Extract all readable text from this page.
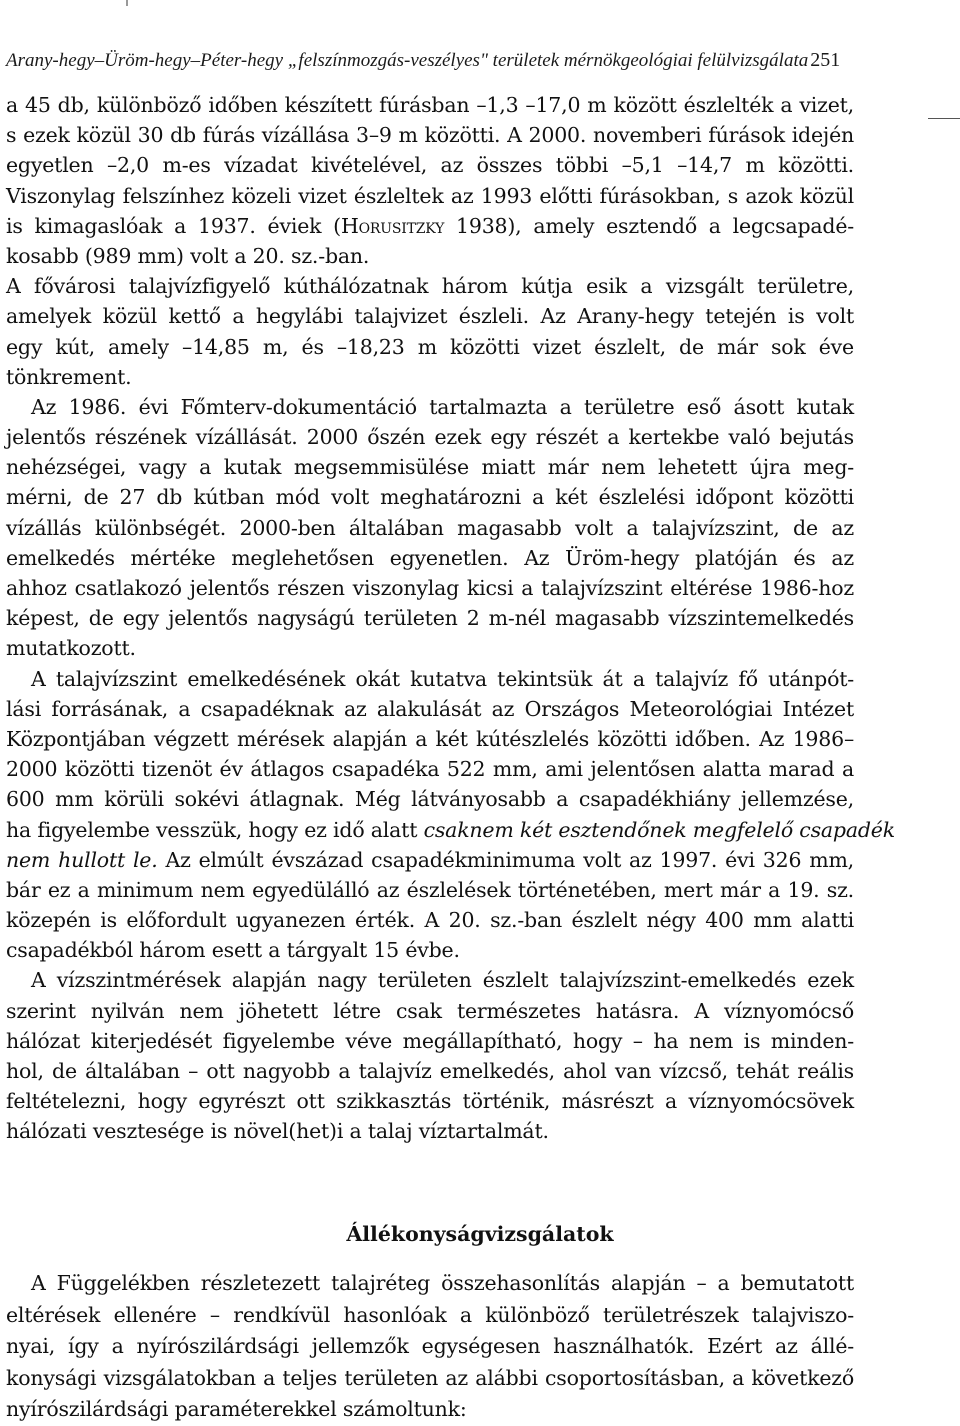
Arany-hegy–Üröm-hegy–Péter-hegy „felszínmozgás-veszélyes" területek mérnökgeológiai felülvizsgálata 251
a 45 db, különböző időben készített fúrásban –1,3 –17,0 m között észlelték a vizet,
s ezek közül 30 db fúrás vízállása 3–9 m közötti. A 2000. novemberi fúrások idején
egyetlen –2,0 m-es vízadat kivételével, az összes többi –5,1 –14,7 m közötti.
Viszonylag felszínhez közeli vizet észleltek az 1993 előtti fúrásokban, s azok közül
is kimagaslóak a 1937. éviek (Horusitzky 1938), amely esztendő a legcsapadé-
kosabb (989 mm) volt a 20. sz.-ban.
A fővárosi talajvízfigyelő kúthálózatnak három kútja esik a vizsgált területre,
amelyek közül kettő a hegylábi talajvizet észleli. Az Arany-hegy tetején is volt
egy kút, amely –14,85 m, és –18,23 m közötti vizet észlelt, de már sok éve
tönkrement.
Az 1986. évi Főmterv-dokumentáció tartalmazta a területre eső ásott kutak
jelentős részének vízállását. 2000 őszén ezek egy részét a kertekbe való bejutás
nehézségei, vagy a kutak megsemmisülése miatt már nem lehetett újra meg-
mérni, de 27 db kútban mód volt meghatározni a két észlelési időpont közötti
vízállás különbségét. 2000-ben általában magasabb volt a talajvízszint, de az
emelkedés mértéke meglehetősen egyenetlen. Az Üröm-hegy platóján és az
ahhoz csatlakozó jelentős részen viszonylag kicsi a talajvízszint eltérése 1986-hoz
képest, de egy jelentős nagyságú területen 2 m-nél magasabb vízszintemelkedés
mutatkozott.
A talajvízszint emelkedésének okát kutatva tekintsük át a talajvíz fő utánpót-
lási forrásának, a csapadéknak az alakulását az Országos Meteorológiai Intézet
Központjában végzett mérések alapján a két kútészlelés közötti időben. Az 1986–
2000 közötti tizenöt év átlagos csapadéka 522 mm, ami jelentősen alatta marad a
600 mm körüli sokévi átlagnak. Még látványosabb a csapadékhiány jellemzése,
ha figyelembe vesszük, hogy ez idő alatt csaknem két esztendőnek megfelelő csapadék
nem hullott le. Az elmúlt évszázad csapadékminimuma volt az 1997. évi 326 mm,
bár ez a minimum nem egyedülálló az észlelések történetében, mert már a 19. sz.
közepén is előfordult ugyanezen érték. A 20. sz.-ban észlelt négy 400 mm alatti
csapadékból három esett a tárgyalt 15 évbe.
A vízszintmérések alapján nagy területen észlelt talajvízszint-emelkedés ezek
szerint nyilván nem jöhetett létre csak természetes hatásra. A víznyomócső
hálózat kiterjedését figyelembe véve megállapítható, hogy – ha nem is minden-
hol, de általában – ott nagyobb a talajvíz emelkedés, ahol van vízcső, tehát reális
feltételezni, hogy egyrészt ott szikkasztás történik, másrészt a víznyomócsövek
hálózati vesztesége is növel(het)i a talaj víztartalmát.
Állékonyságvizsgálatok
A Függelékben részletezett talajréteg összehasonlítás alapján – a bemutatott
eltérések ellenére – rendkívül hasonlóak a különböző területrészek talajviszo-
nyai, így a nyírószilárdsági jellemzők egységesen használhatók. Ezért az állé-
konysági vizsgálatokban a teljes területen az alábbi csoportosításban, a következő
nyírószilárdsági paraméterekkel számoltunk:
